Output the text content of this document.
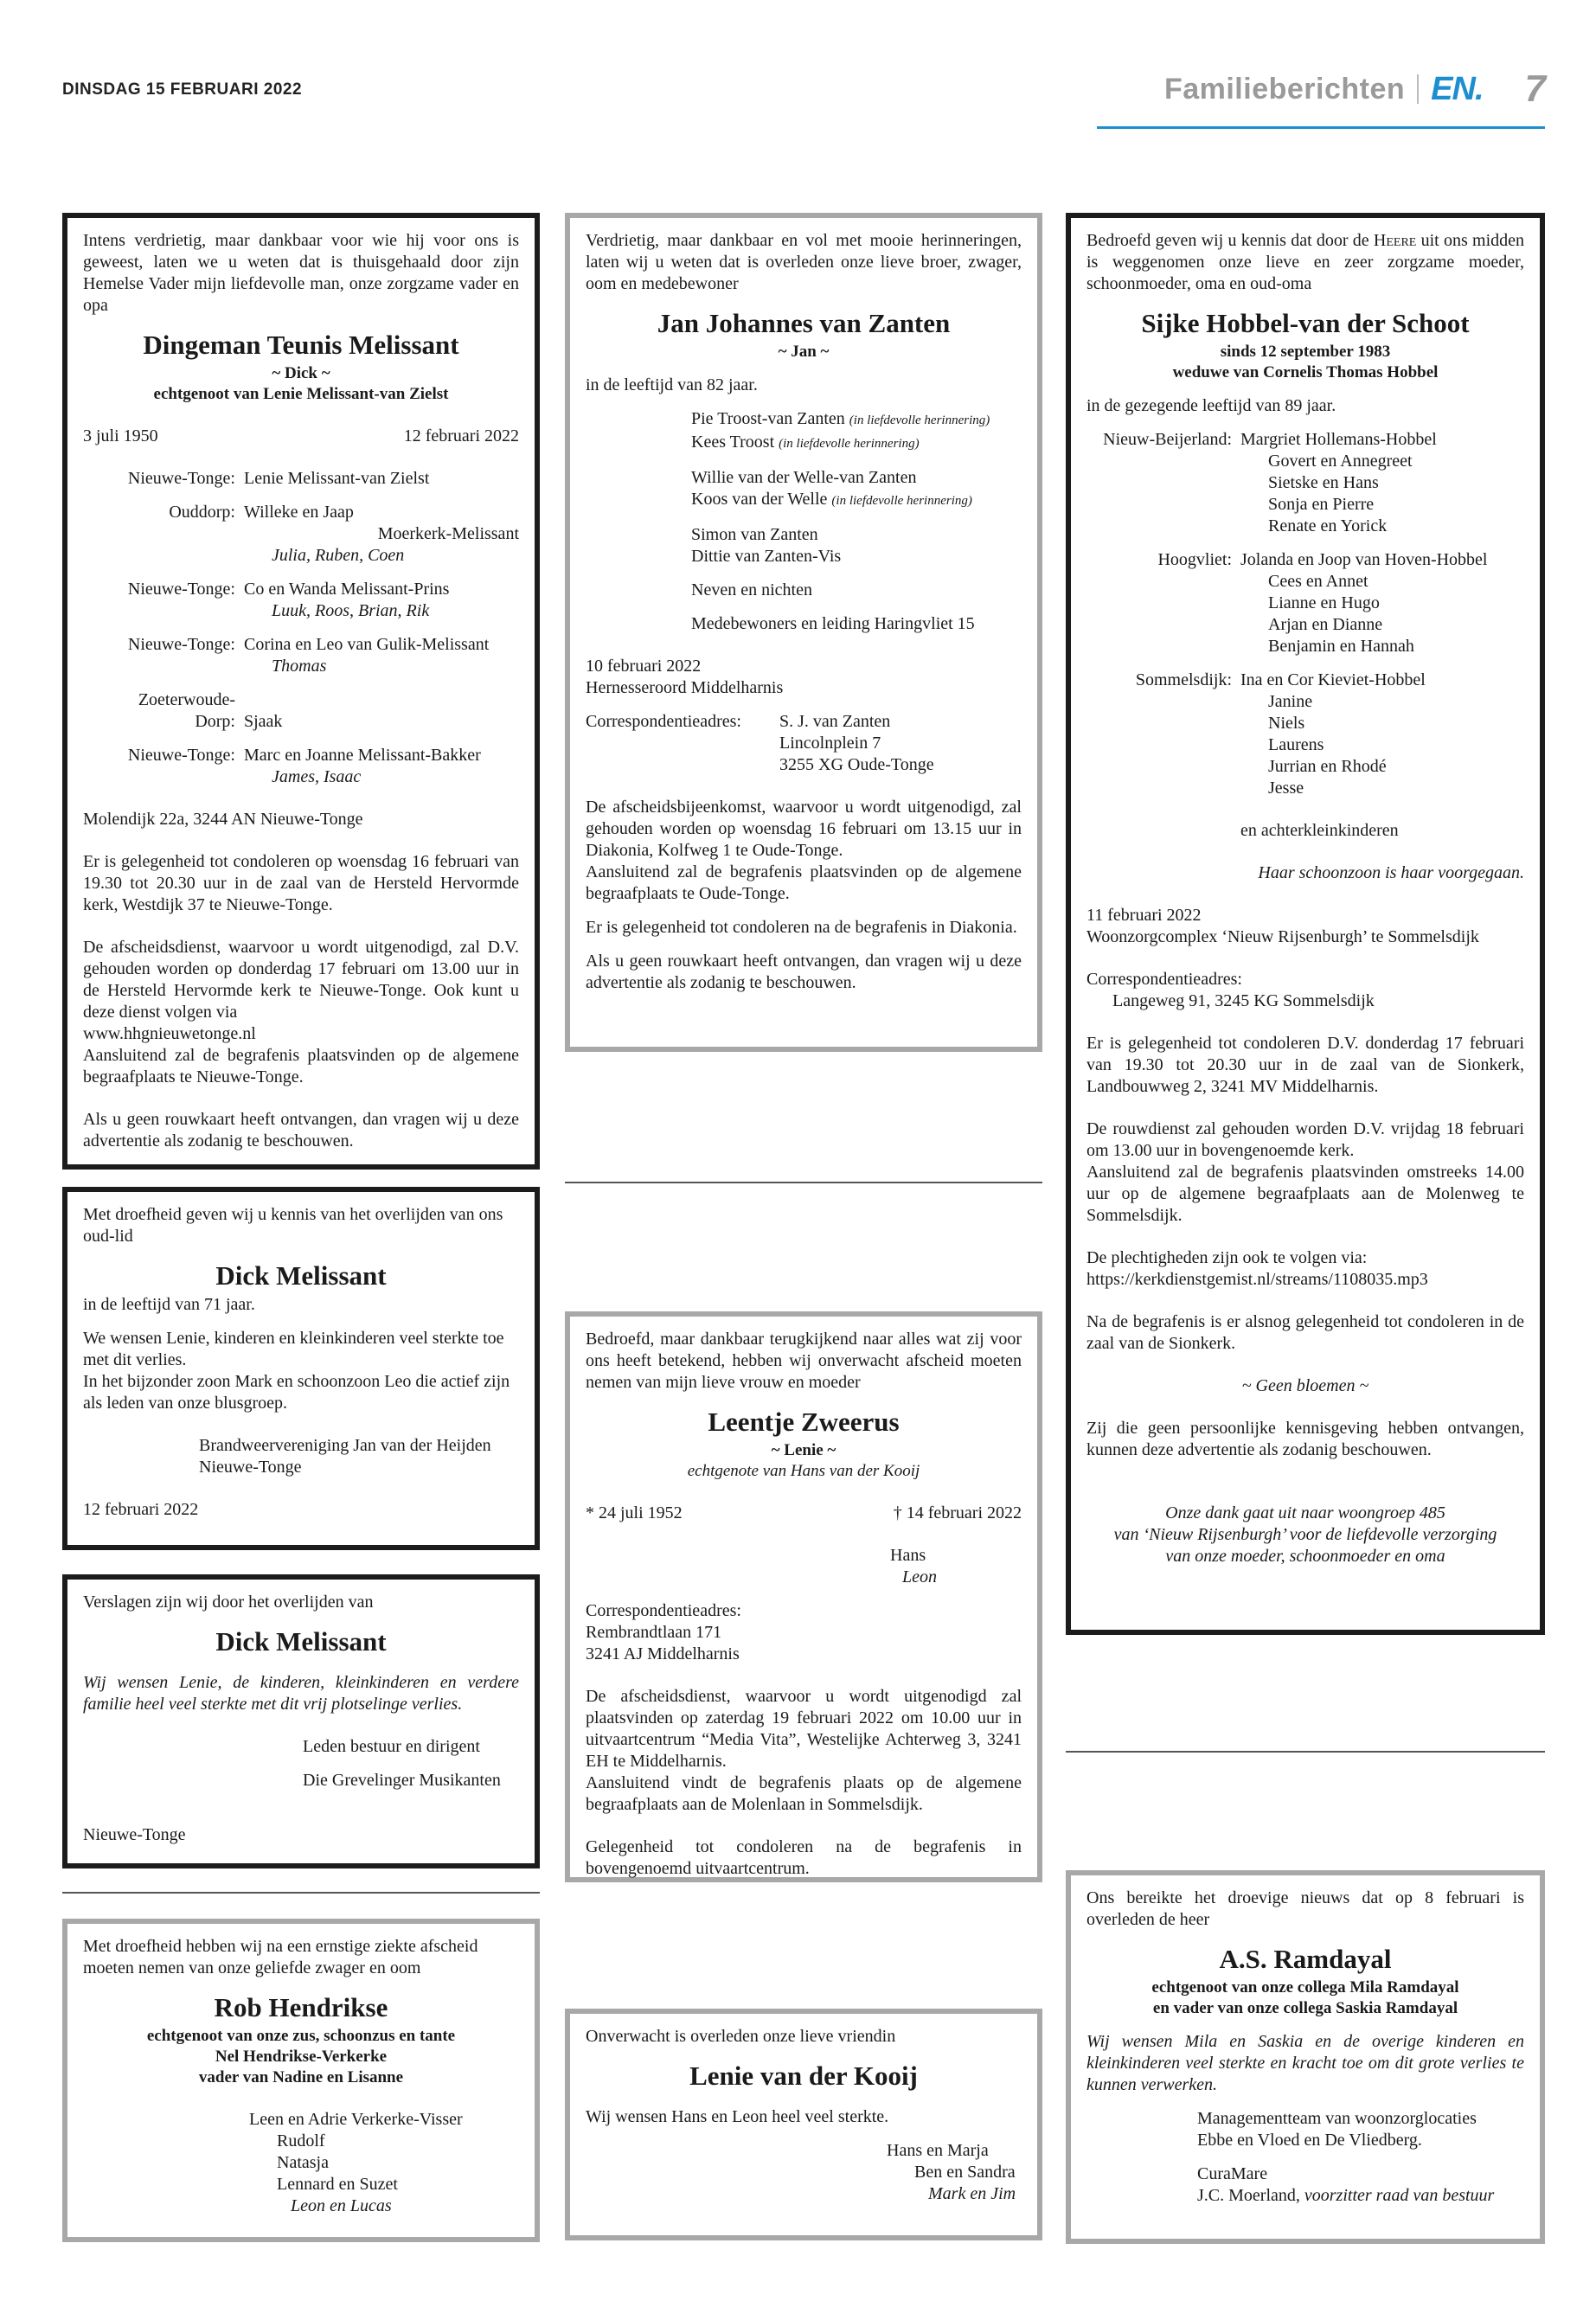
DINSDAG 15 FEBRUARI 2022	Familieberichten EN. 7

Intens verdrietig, maar dankbaar voor wie hij voor ons is geweest, laten we u weten dat is thuisgehaald door zijn Hemelse Vader mijn liefdevolle man, onze zorgzame vader en opa

Dingeman Teunis Melissant
~ Dick ~
echtgenoot van Lenie Melissant-van Zielst
3 juli 1950	12 februari 2022
Nieuwe-Tonge: Lenie Melissant-van Zielst
Ouddorp: Willeke en Jaap
Moerkerk-Melissant
Julia, Ruben, Coen
Nieuwe-Tonge: Co en Wanda Melissant-Prins
Luuk, Roos, Brian, Rik
Nieuwe-Tonge: Corina en Leo van Gulik-Melissant
Thomas
Zoeterwoude-
Dorp: Sjaak
Nieuwe-Tonge: Marc en Joanne Melissant-Bakker
James, Isaac

Molendijk 22a, 3244 AN Nieuwe-Tonge

Er is gelegenheid tot condoleren op woensdag 16 februari van 19.30 tot 20.30 uur in de zaal van de Hersteld Hervormde kerk, Westdijk 37 te Nieuwe-Tonge.

De afscheidsdienst, waarvoor u wordt uitgenodigd, zal D.V. gehouden worden op donderdag 17 februari om 13.00 uur in de Hersteld Hervormde kerk te Nieuwe-Tonge. Ook kunt u deze dienst volgen via

www.hhgnieuwetonge.nl

Aansluitend zal de begrafenis plaatsvinden op de algemene begraafplaats te Nieuwe-Tonge.

Als u geen rouwkaart heeft ontvangen, dan vragen wij u deze advertentie als zodanig te beschouwen.

Met droefheid geven wij u kennis van het overlijden van ons oud-lid

Dick Melissant

in de leeftijd van 71 jaar.

We wensen Lenie, kinderen en kleinkinderen veel sterkte toe met dit verlies.

In het bijzonder zoon Mark en schoonzoon Leo die actief zijn als leden van onze blusgroep.

Brandweervereniging Jan van der Heijden

Nieuwe-Tonge

12 februari 2022

Verslagen zijn wij door het overlijden van

Dick Melissant

Wij wensen Lenie, de kinderen, kleinkinderen en verdere familie heel veel sterkte met dit vrij plotselinge verlies.

Leden bestuur en dirigent

Die Grevelinger Musikanten

Nieuwe-Tonge

Met droefheid hebben wij na een ernstige ziekte afscheid moeten nemen van onze geliefde zwager en oom

Rob Hendrikse
echtgenoot van onze zus, schoonzus en tante
Nel Hendrikse-Verkerke
vader van Nadine en Lisanne

Leen en Adrie Verkerke-Visser

Rudolf

Natasja

Lennard en Suzet

Leon en Lucas

Verdrietig, maar dankbaar en vol met mooie herinneringen, laten wij u weten dat is overleden onze lieve broer, zwager, oom en medebewoner

Jan Johannes van Zanten
~ Jan ~

in de leeftijd van 82 jaar.

Pie Troost-van Zanten (in liefdevolle herinnering)

Kees Troost (in liefdevolle herinnering)

Willie van der Welle-van Zanten

Koos van der Welle (in liefdevolle herinnering)

Simon van Zanten

Dittie van Zanten-Vis

Neven en nichten

Medebewoners en leiding Haringvliet 15

10 februari 2022

Hernesseroord Middelharnis

Correspondentieadres:	S. J. van Zanten
Lincolnplein 7
3255 XG Oude-Tonge

De afscheidsbijeenkomst, waarvoor u wordt uitgenodigd, zal gehouden worden op woensdag 16 februari om 13.15 uur in Diakonia, Kolfweg 1 te Oude-Tonge.

Aansluitend zal de begrafenis plaatsvinden op de algemene begraafplaats te Oude-Tonge.

Er is gelegenheid tot condoleren na de begrafenis in Diakonia.

Als u geen rouwkaart heeft ontvangen, dan vragen wij u deze advertentie als zodanig te beschouwen.

Bedroefd, maar dankbaar terugkijkend naar alles wat zij voor ons heeft betekend, hebben wij onverwacht afscheid moeten nemen van mijn lieve vrouw en moeder

Leentje Zweerus
~ Lenie ~
echtgenote van Hans van der Kooij
* 24 juli 1952	† 14 februari 2022

Hans

Leon

Correspondentieadres:

Rembrandtlaan 171

3241 AJ Middelharnis

De afscheidsdienst, waarvoor u wordt uitgenodigd zal plaatsvinden op zaterdag 19 februari 2022 om 10.00 uur in uitvaartcentrum “Media Vita”, Westelijke Achterweg 3, 3241 EH te Middelharnis.

Aansluitend vindt de begrafenis plaats op de algemene begraafplaats aan de Molenlaan in Sommelsdijk.

Gelegenheid tot condoleren na de begrafenis in bovengenoemd uitvaartcentrum.

Onverwacht is overleden onze lieve vriendin

Lenie van der Kooij

Wij wensen Hans en Leon heel veel sterkte.

Hans en Marja

Ben en Sandra

Mark en Jim

Bedroefd geven wij u kennis dat door de Heere uit ons midden is weggenomen onze lieve en zeer zorgzame moeder, schoonmoeder, oma en oud-oma

Sijke Hobbel-van der Schoot
sinds 12 september 1983
weduwe van Cornelis Thomas Hobbel

in de gezegende leeftijd van 89 jaar.

Nieuw-Beijerland: Margriet Hollemans-Hobbel

Govert en Annegreet

Sietske en Hans

Sonja en Pierre

Renate en Yorick

Hoogvliet: Jolanda en Joop van Hoven-Hobbel

Cees en Annet

Lianne en Hugo

Arjan en Dianne

Benjamin en Hannah

Sommelsdijk: Ina en Cor Kieviet-Hobbel

Janine

Niels

Laurens

Jurrian en Rhodé

Jesse

en achterkleinkinderen

Haar schoonzoon is haar voorgegaan.

11 februari 2022

Woonzorgcomplex ‘Nieuw Rijsenburgh’ te Sommelsdijk

Correspondentieadres:

Langeweg 91, 3245 KG Sommelsdijk

Er is gelegenheid tot condoleren D.V. donderdag 17 februari van 19.30 tot 20.30 uur in de zaal van de Sionkerk, Landbouwweg 2, 3241 MV Middelharnis.

De rouwdienst zal gehouden worden D.V. vrijdag 18 februari om 13.00 uur in bovengenoemde kerk.

Aansluitend zal de begrafenis plaatsvinden omstreeks 14.00 uur op de algemene begraafplaats aan de Molenweg te Sommelsdijk.

De plechtigheden zijn ook te volgen via:

https://kerkdienstgemist.nl/streams/1108035.mp3

Na de begrafenis is er alsnog gelegenheid tot condoleren in de zaal van de Sionkerk.

~ Geen bloemen ~

Zij die geen persoonlijke kennisgeving hebben ontvangen, kunnen deze advertentie als zodanig beschouwen.

Onze dank gaat uit naar woongroep 485

van ‘Nieuw Rijsenburgh’ voor de liefdevolle verzorging

van onze moeder, schoonmoeder en oma

Ons bereikte het droevige nieuws dat op 8 februari is overleden de heer

A.S. Ramdayal
echtgenoot van onze collega Mila Ramdayal
en vader van onze collega Saskia Ramdayal

Wij wensen Mila en Saskia en de overige kinderen en kleinkinderen veel sterkte en kracht toe om dit grote verlies te kunnen verwerken.

Managementteam van woonzorglocaties

Ebbe en Vloed en De Vliedberg.

CuraMare

J.C. Moerland, voorzitter raad van bestuur
